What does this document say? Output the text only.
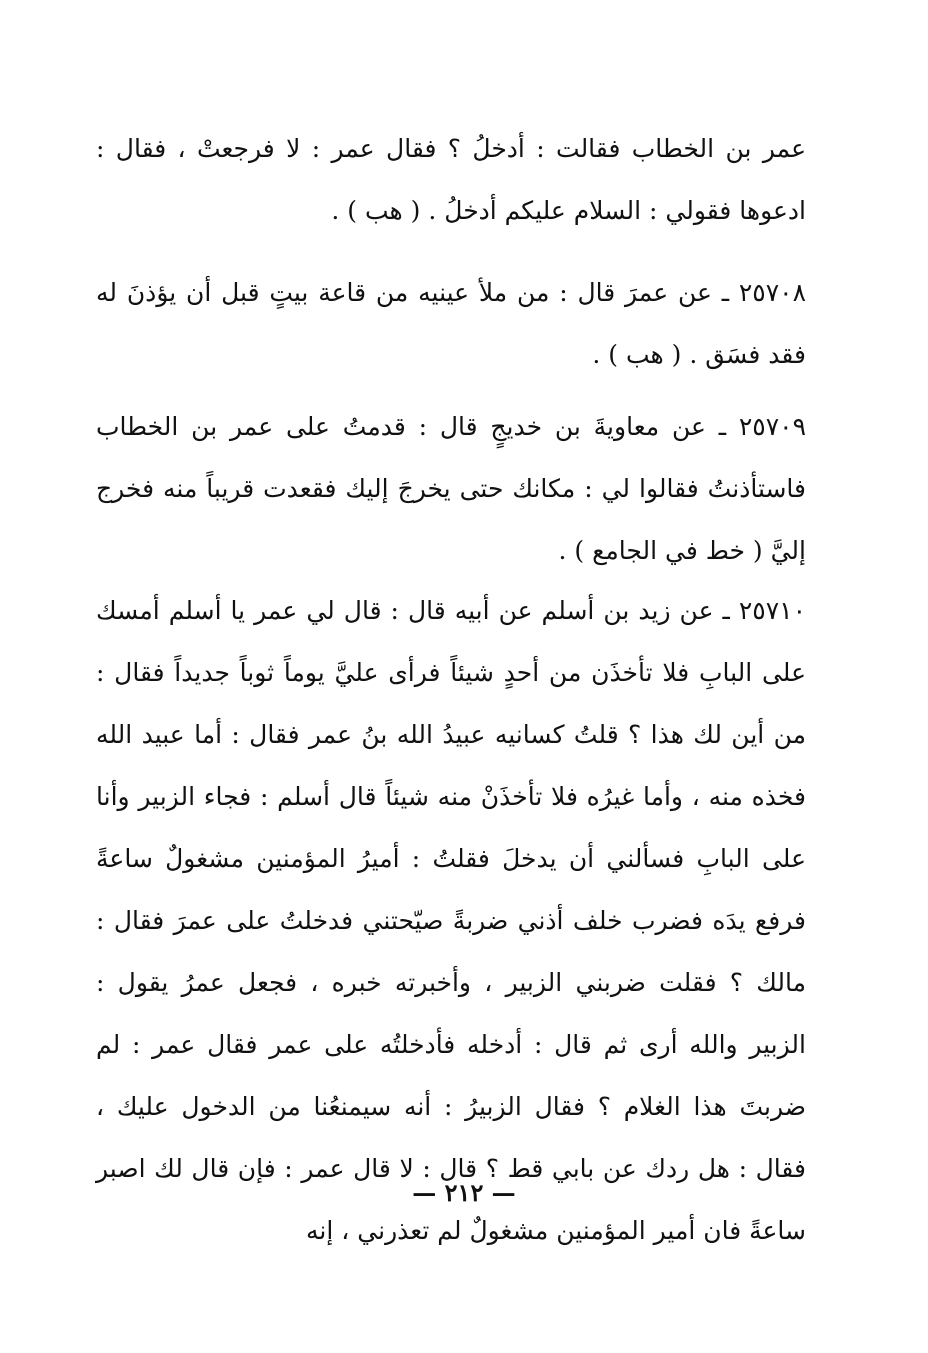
عمر بن الخطاب فقالت : أدخلُ ؟ فقال عمر : لا فرجعتْ ، فقال : ادعوها فقولي : السلام عليكم أدخلُ . ( هب ) .

٢٥٧٠٨ ـ عن عمرَ قال : من ملأ عينيه من قاعة بيتٍ قبل أن يؤذنَ له فقد فسَق . ( هب ) .

٢٥٧٠٩ ـ عن معاويةَ بن خديجٍ قال : قدمتُ على عمر بن الخطاب فاستأذنتُ فقالوا لي : مكانك حتى يخرجَ إليك فقعدت قريباً منه فخرج إليَّ ( خط في الجامع ) .

٢٥٧١٠ ـ عن زيد بن أسلم عن أبيه قال : قال لي عمر يا أسلم أمسك على البابِ فلا تأخذَن من أحدٍ شيئاً فرأى عليَّ يوماً ثوباً جديداً فقال : من أين لك هذا ؟ قلتُ كسانيه عبيدُ الله بنُ عمر فقال : أما عبيد الله فخذه منه ، وأما غيرُه فلا تأخذَنْ منه شيئاً قال أسلم : فجاء الزبير وأنا على البابِ فسألني أن يدخلَ فقلتُ : أميرُ المؤمنين مشغولٌ ساعةً فرفع يدَه فضرب خلف أذني ضربةً صيّحتني فدخلتُ على عمرَ فقال : مالك ؟ فقلت ضربني الزبير ، وأخبرته خبره ، فجعل عمرُ يقول : الزبير والله أرى ثم قال : أدخله فأدخلتُه على عمر فقال عمر : لم ضربتَ هذا الغلام ؟ فقال الزبيرُ : أنه سيمنعُنا من الدخول عليك ، فقال : هل ردك عن بابي قط ؟ قال : لا قال عمر : فإن قال لك اصبر ساعةً فان أمير المؤمنين مشغولٌ لم تعذرني ، إنه

— ٢١٢ —
